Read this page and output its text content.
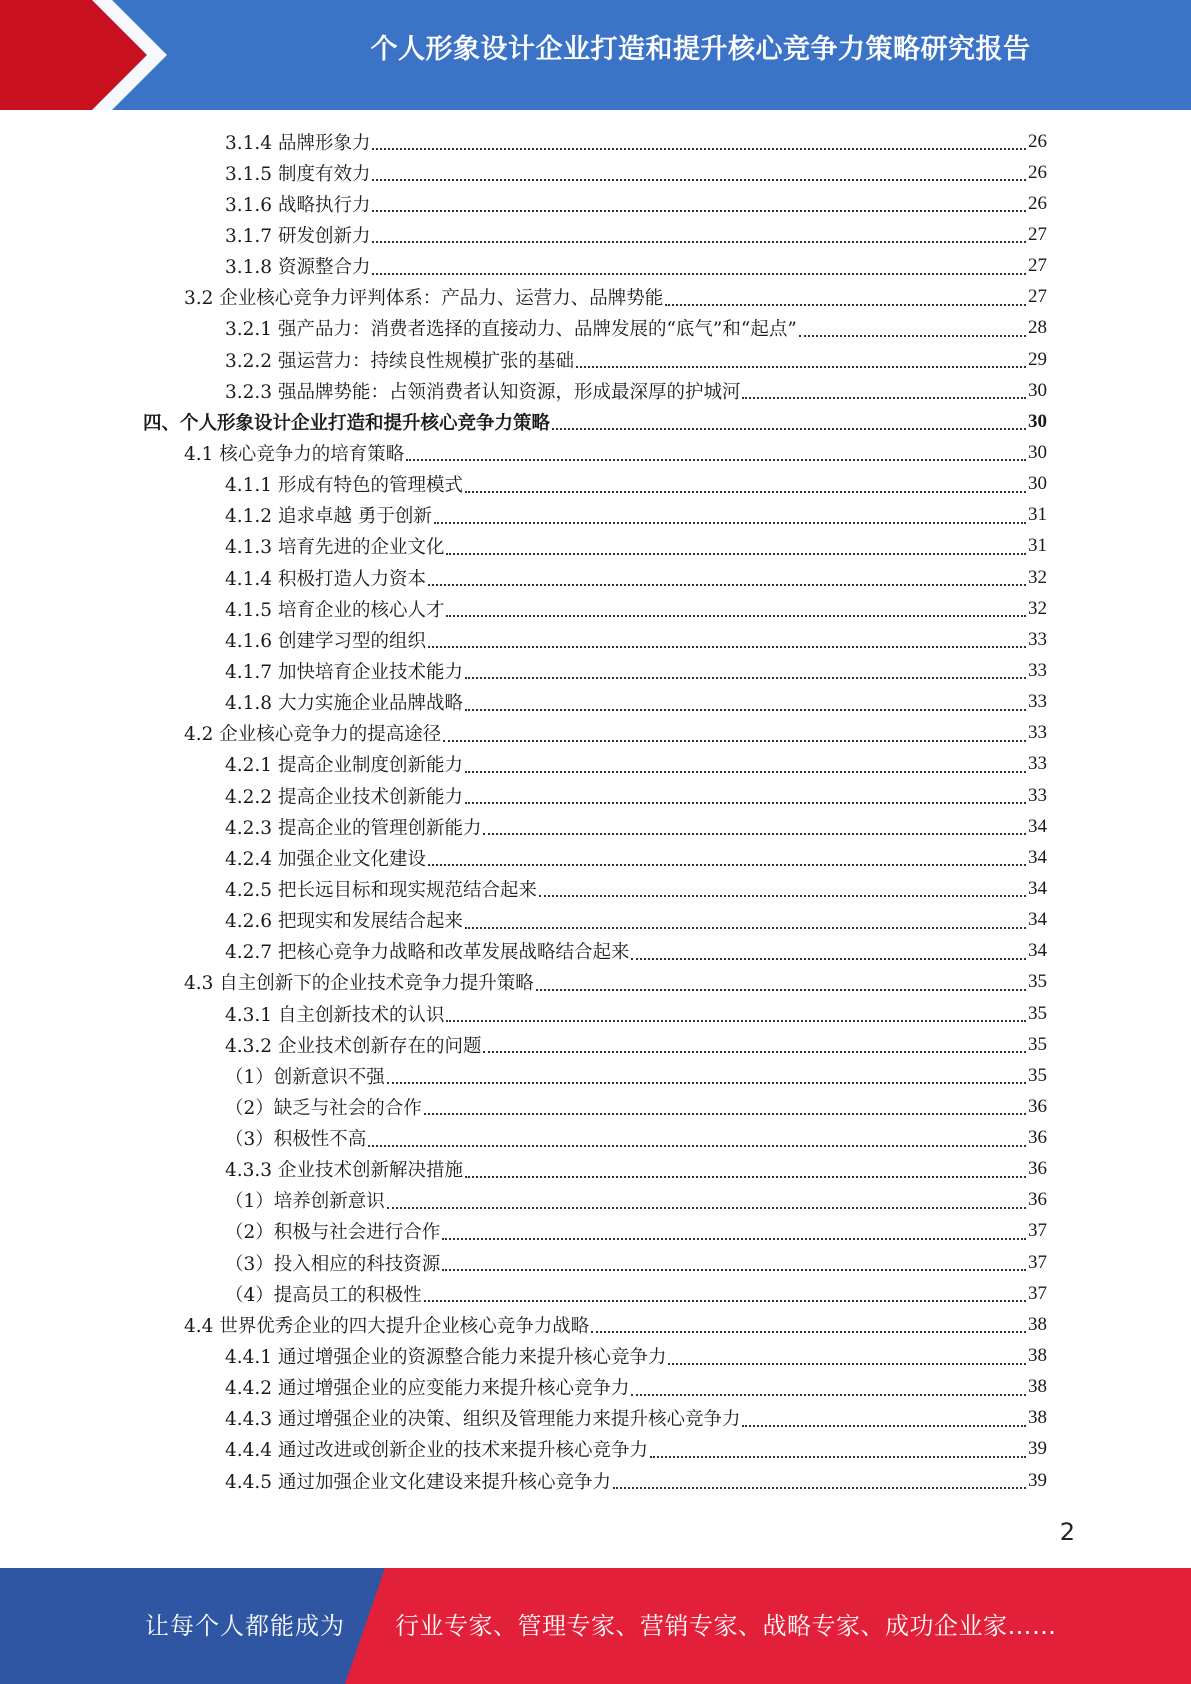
个人形象设计企业打造和提升核心竞争力策略研究报告
3.1.4 品牌形象力	26
3.1.5 制度有效力	26
3.1.6 战略执行力	26
3.1.7 研发创新力	27
3.1.8 资源整合力	27
3.2 企业核心竞争力评判体系：产品力、运营力、品牌势能	27
3.2.1 强产品力：消费者选择的直接动力、品牌发展的“底气”和“起点”	28
3.2.2 强运营力：持续良性规模扩张的基础	29
3.2.3 强品牌势能：占领消费者认知资源，形成最深厚的护城河	30
四、个人形象设计企业打造和提升核心竞争力策略	30
4.1 核心竞争力的培育策略	30
4.1.1 形成有特色的管理模式	30
4.1.2 追求卓越 勇于创新	31
4.1.3 培育先进的企业文化	31
4.1.4 积极打造人力资本	32
4.1.5 培育企业的核心人才	32
4.1.6 创建学习型的组织	33
4.1.7 加快培育企业技术能力	33
4.1.8 大力实施企业品牌战略	33
4.2 企业核心竞争力的提高途径	33
4.2.1 提高企业制度创新能力	33
4.2.2 提高企业技术创新能力	33
4.2.3 提高企业的管理创新能力	34
4.2.4 加强企业文化建设	34
4.2.5 把长远目标和现实规范结合起来	34
4.2.6 把现实和发展结合起来	34
4.2.7 把核心竞争力战略和改革发展战略结合起来	34
4.3 自主创新下的企业技术竞争力提升策略	35
4.3.1 自主创新技术的认识	35
4.3.2 企业技术创新存在的问题	35
（1）创新意识不强	35
（2）缺乏与社会的合作	36
（3）积极性不高	36
4.3.3 企业技术创新解决措施	36
（1）培养创新意识	36
（2）积极与社会进行合作	37
（3）投入相应的科技资源	37
（4）提高员工的积极性	37
4.4 世界优秀企业的四大提升企业核心竞争力战略	38
4.4.1 通过增强企业的资源整合能力来提升核心竞争力	38
4.4.2 通过增强企业的应变能力来提升核心竞争力	38
4.4.3 通过增强企业的决策、组织及管理能力来提升核心竞争力	38
4.4.4 通过改进或创新企业的技术来提升核心竞争力	39
4.4.5 通过加强企业文化建设来提升核心竞争力	39
2
让每个人都能成为	行业专家、管理专家、营销专家、战略专家、成功企业家……
